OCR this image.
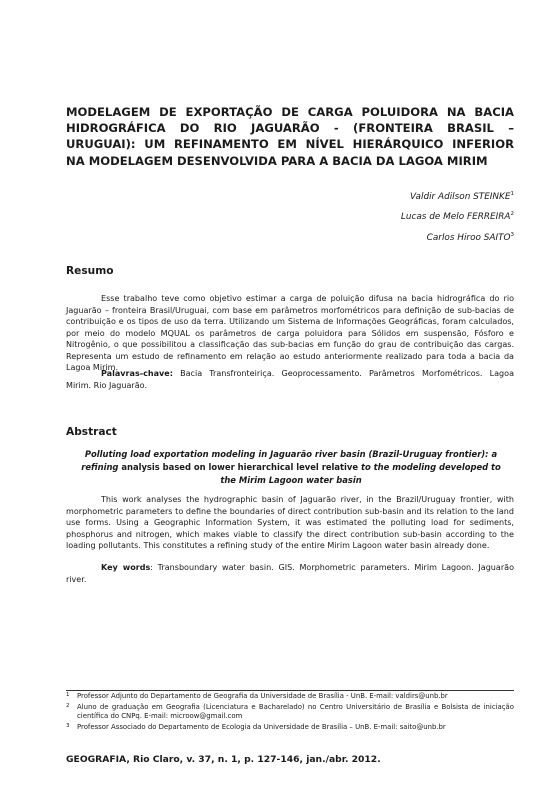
MODELAGEM DE EXPORTAÇÃO DE CARGA POLUIDORA NA BACIA
HIDROGRÁFICA DO RIO JAGUARÃO - (FRONTEIRA BRASIL –
URUGUAI): UM REFINAMENTO EM NÍVEL HIERÁRQUICO INFERIOR
NA MODELAGEM DESENVOLVIDA PARA A BACIA DA LAGOA MIRIM
Valdir Adilson STEINKE$^1$
Lucas de Melo FERREIRA$^2$
Carlos Hiroo SAITO$^3$
Resumo
Esse trabalho teve como objetivo estimar a carga de poluição difusa na bacia hidrográfica do rio Jaguarão – fronteira Brasil/Uruguai, com base em parâmetros morfométricos para definição de sub-bacias de contribuição e os tipos de uso da terra. Utilizando um Sistema de Informações Geográficas, foram calculados, por meio do modelo MQUAL os parâmetros de carga poluidora para Sólidos em suspensão, Fósforo e Nitrogênio, o que possibilitou a classificação das sub-bacias em função do grau de contribuição das cargas. Representa um estudo de refinamento em relação ao estudo anteriormente realizado para toda a bacia da Lagoa Mirim.
Palavras-chave: Bacia Transfronteiriça. Geoprocessamento. Parâmetros Morfométricos. Lagoa Mirim. Rio Jaguarão.
Abstract
Polluting load exportation modeling in Jaguarão river basin (Brazil-Uruguay frontier): a refining analysis based on lower hierarchical level relative to the modeling developed to the Mirim Lagoon water basin
This work analyses the hydrographic basin of Jaguarão river, in the Brazil/Uruguay frontier, with morphometric parameters to define the boundaries of direct contribution sub-basin and its relation to the land use forms. Using a Geographic Information System, it was estimated the polluting load for sediments, phosphorus and nitrogen, which makes viable to classify the direct contribution sub-basin according to the loading pollutants. This constitutes a refining study of the entire Mirim Lagoon water basin already done.
Key words: Transboundary water basin. GIS. Morphometric parameters. Mirim Lagoon. Jaguarão river.
1	Professor Adjunto do Departamento de Geografia da Universidade de Brasília - UnB. E-mail: valdirs@unb.br
2	Aluno de graduação em Geografia (Licenciatura e Bacharelado) no Centro Universitário de Brasília e Bolsista de iniciação científica do CNPq. E-mail: microow@gmail.com
3	Professor Associado do Departamento de Ecologia da Universidade de Brasília – UnB. E-mail: saito@unb.br
GEOGRAFIA, Rio Claro, v. 37, n. 1, p. 127-146, jan./abr. 2012.
